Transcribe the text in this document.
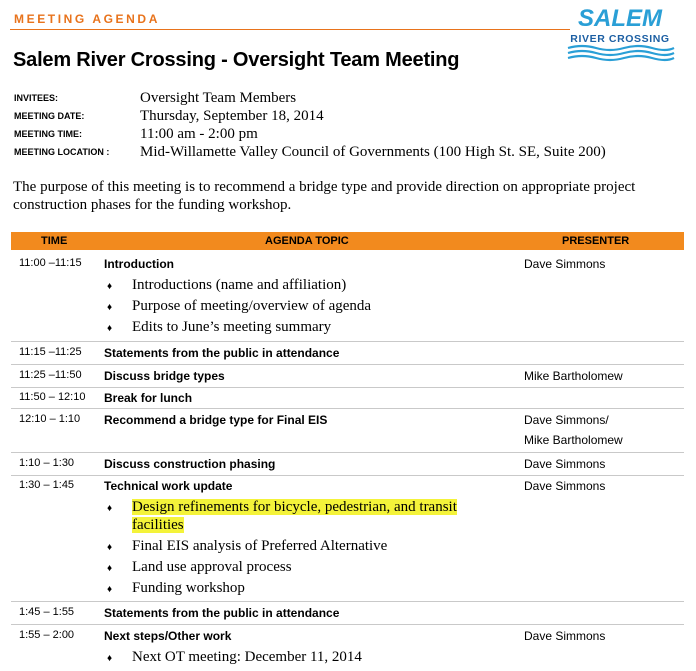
MEETING AGENDA	SALEM
RIVER CROSSING
Salem River Crossing - Oversight Team Meeting
INVITEES:	Oversight Team Members
MEETING DATE:	Thursday, September 18, 2014
MEETING TIME:	11:00 am - 2:00 pm
MEETING LOCATION : Mid-Willamette Valley Council of Governments (100 High St. SE, Suite 200)
The purpose of this meeting is to recommend a bridge type and provide direction on appropriate project construction phases for the funding workshop.
TIME	AGENDA TOPIC	PRESENTER
11:00 –11:15 Introduction	Dave Simmons
♦ Introductions (name and affiliation)
♦ Purpose of meeting/overview of agenda
♦ Edits to June’s meeting summary
11:15 –11:25 Statements from the public in attendance
11:25 –11:50 Discuss bridge types	Mike Bartholomew
11:50 – 12:10 Break for lunch
12:10 – 1:10 Recommend a bridge type for Final EIS	Dave Simmons/
Mike Bartholomew
1:10 – 1:30 Discuss construction phasing	Dave Simmons
1:30 – 1:45 Technical work update	Dave Simmons
♦ Design refinements for bicycle, pedestrian, and transit
facilities
♦ Final EIS analysis of Preferred Alternative
♦ Land use approval process
♦ Funding workshop
1:45 – 1:55 Statements from the public in attendance
1:55 – 2:00 Next steps/Other work	Dave Simmons
♦ Next OT meeting: December 11, 2014
